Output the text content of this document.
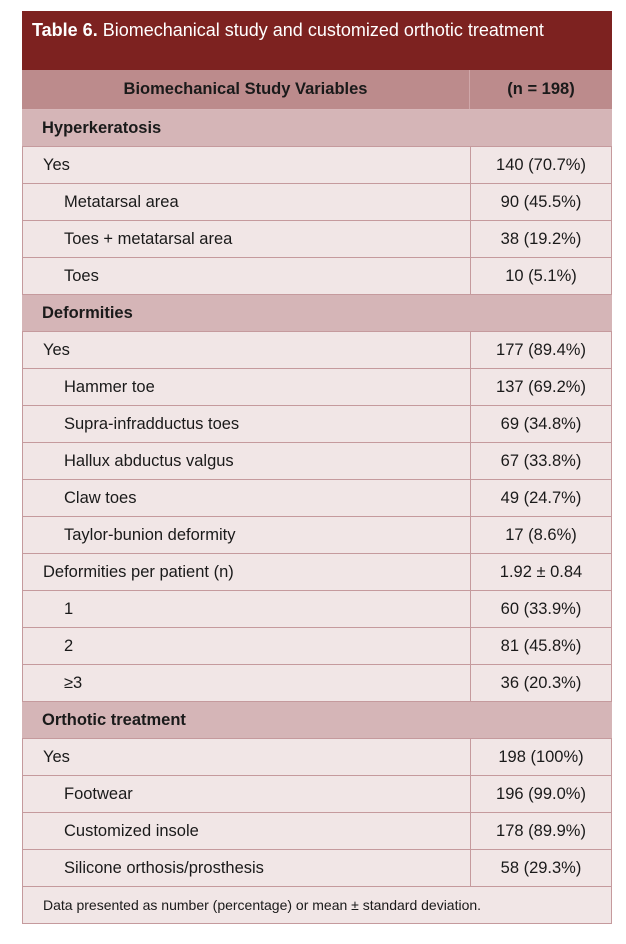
Table 6. Biomechanical study and customized orthotic treatment
Biomechanical Study Variables	(n = 198)
Hyperkeratosis
Yes	140 (70.7%)
Metatarsal area	90 (45.5%)
Toes + metatarsal area	38 (19.2%)
Toes	10 (5.1%)
Deformities
Yes	177 (89.4%)
Hammer toe	137 (69.2%)
Supra-infradductus toes	69 (34.8%)
Hallux abductus valgus	67 (33.8%)
Claw toes	49 (24.7%)
Taylor-bunion deformity	17 (8.6%)
Deformities per patient (n)	1.92 ± 0.84
1	60 (33.9%)
2	81 (45.8%)
≥3	36 (20.3%)
Orthotic treatment
Yes	198 (100%)
Footwear	196 (99.0%)
Customized insole	178 (89.9%)
Silicone orthosis/prosthesis	58 (29.3%)
Data presented as number (percentage) or mean ± standard deviation.
